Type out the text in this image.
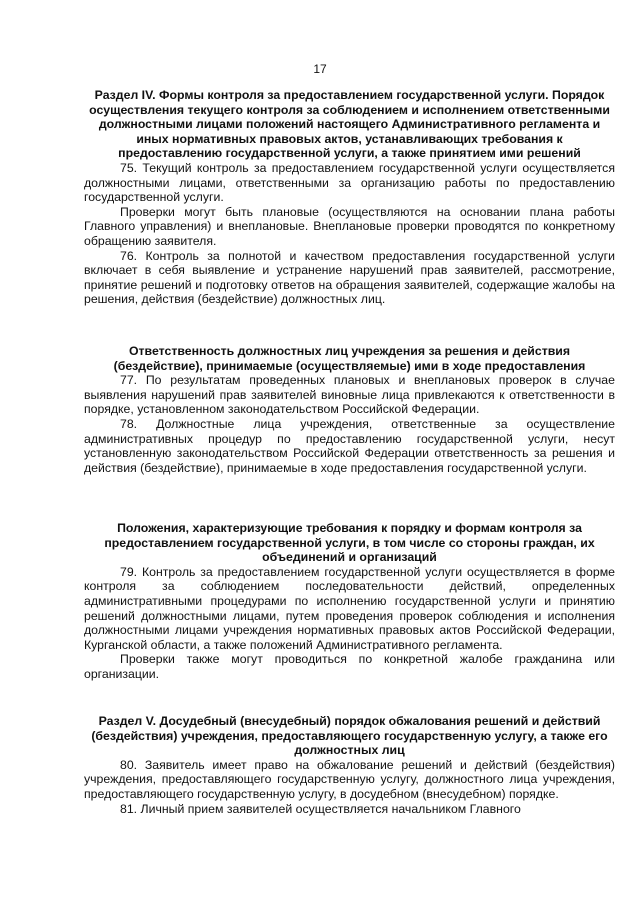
17

Раздел IV. Формы контроля за предоставлением государственной услуги. Порядок осуществления текущего контроля за соблюдением и исполнением ответственными должностными лицами положений настоящего Административного регламента и иных нормативных правовых актов, устанавливающих требования к предоставлению государственной услуги, а также принятием ими решений

75. Текущий контроль за предоставлением государственной услуги осуществляется должностными лицами, ответственными за организацию работы по предоставлению государственной услуги.

Проверки могут быть плановые (осуществляются на основании плана работы Главного управления) и внеплановые. Внеплановые проверки проводятся по конкретному обращению заявителя.

76. Контроль за полнотой и качеством предоставления государственной услуги включает в себя выявление и устранение нарушений прав заявителей, рассмотрение, принятие решений и подготовку ответов на обращения заявителей, содержащие жалобы на решения, действия (бездействие) должностных лиц.

Ответственность должностных лиц учреждения за решения и действия (бездействие), принимаемые (осуществляемые) ими в ходе предоставления

77. По результатам проведенных плановых и внеплановых проверок в случае выявления нарушений прав заявителей виновные лица привлекаются к ответственности в порядке, установленном законодательством Российской Федерации.

78. Должностные лица учреждения, ответственные за осуществление административных процедур по предоставлению государственной услуги, несут установленную законодательством Российской Федерации ответственность за решения и действия (бездействие), принимаемые в ходе предоставления государственной услуги.

Положения, характеризующие требования к порядку и формам контроля за предоставлением государственной услуги, в том числе со стороны граждан, их объединений и организаций

79. Контроль за предоставлением государственной услуги осуществляется в форме контроля за соблюдением последовательности действий, определенных административными процедурами по исполнению государственной услуги и принятию решений должностными лицами, путем проведения проверок соблюдения и исполнения должностными лицами учреждения нормативных правовых актов Российской Федерации, Курганской области, а также положений Административного регламента.

Проверки также могут проводиться по конкретной жалобе гражданина или организации.

Раздел V. Досудебный (внесудебный) порядок обжалования решений и действий (бездействия) учреждения, предоставляющего государственную услугу, а также его должностных лиц

80. Заявитель имеет право на обжалование решений и действий (бездействия) учреждения, предоставляющего государственную услугу, должностного лица учреждения, предоставляющего государственную услугу, в досудебном (внесудебном) порядке.

81. Личный прием заявителей осуществляется начальником Главного
